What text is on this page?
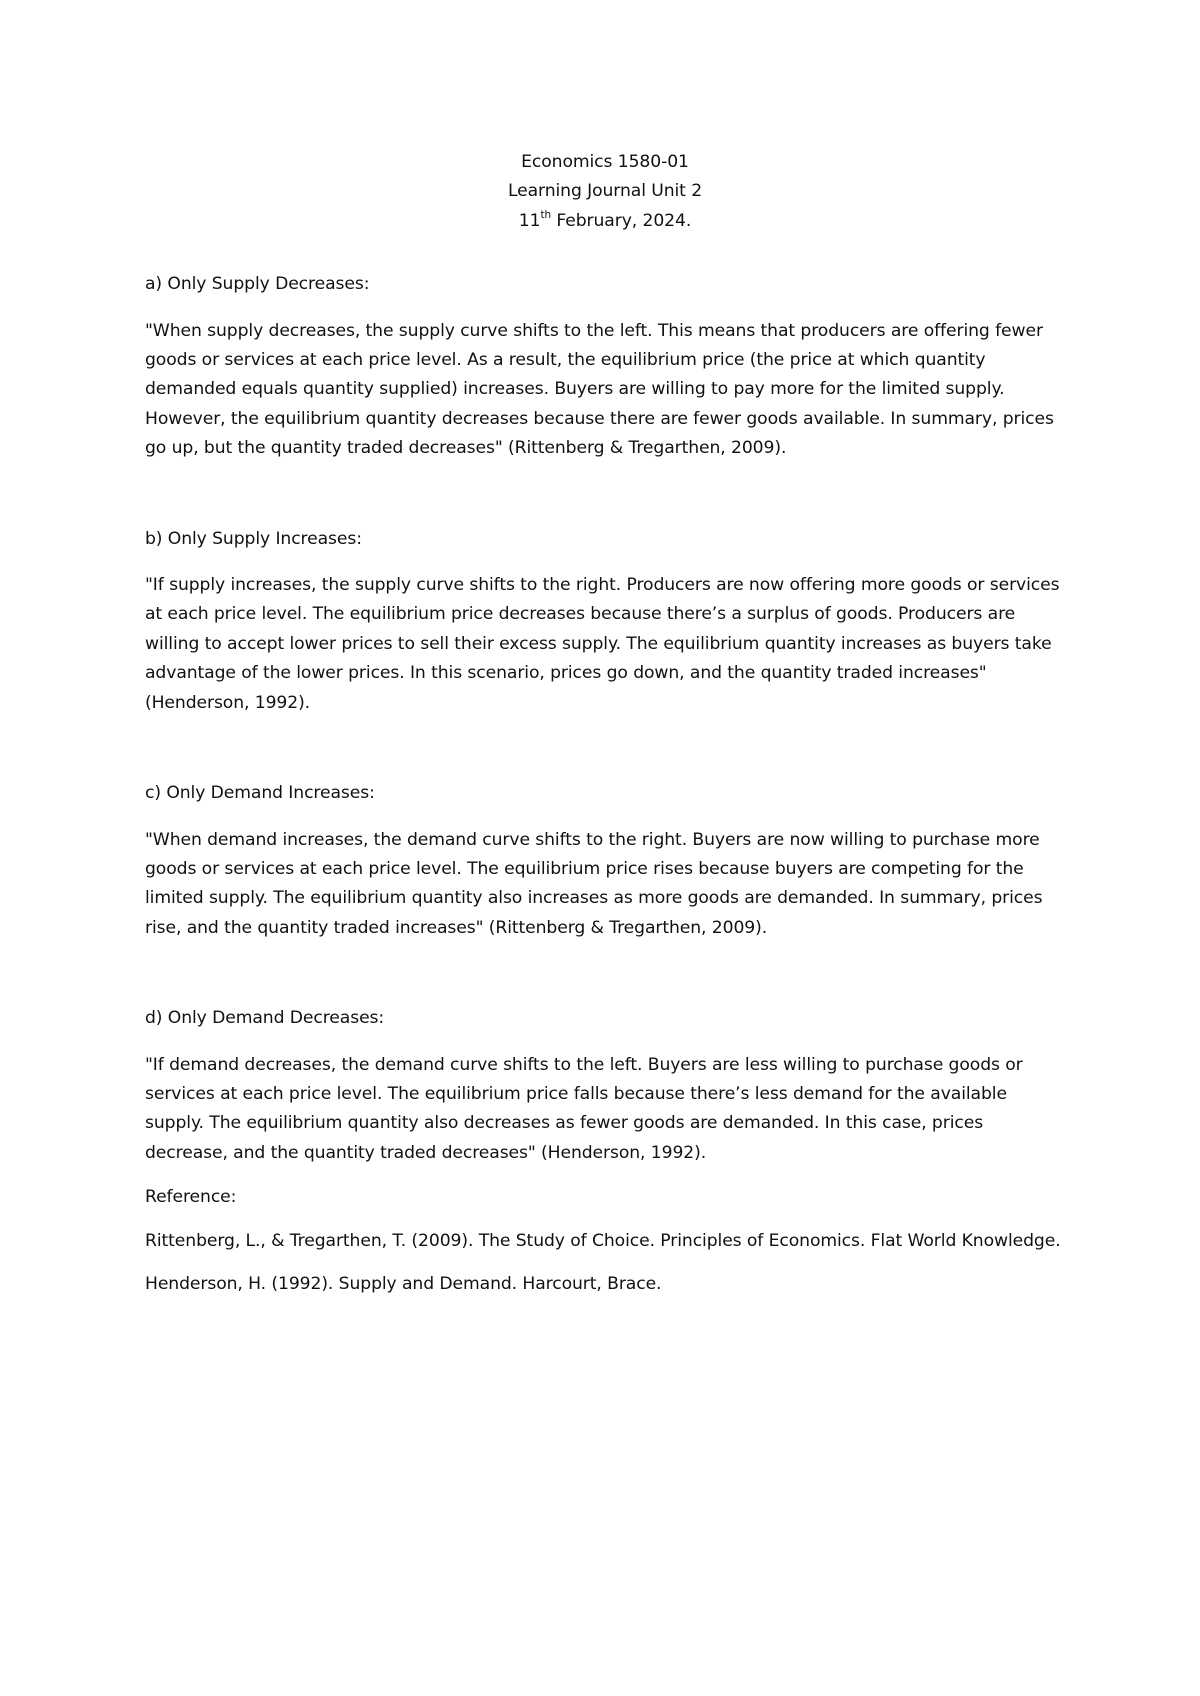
Economics 1580-01
Learning Journal Unit 2
11th February, 2024.
a) Only Supply Decreases:
"When supply decreases, the supply curve shifts to the left. This means that producers are offering fewer goods or services at each price level. As a result, the equilibrium price (the price at which quantity demanded equals quantity supplied) increases. Buyers are willing to pay more for the limited supply. However, the equilibrium quantity decreases because there are fewer goods available. In summary, prices go up, but the quantity traded decreases" (Rittenberg & Tregarthen, 2009).
b) Only Supply Increases:
"If supply increases, the supply curve shifts to the right. Producers are now offering more goods or services at each price level. The equilibrium price decreases because there’s a surplus of goods. Producers are willing to accept lower prices to sell their excess supply. The equilibrium quantity increases as buyers take advantage of the lower prices. In this scenario, prices go down, and the quantity traded increases" (Henderson, 1992).
c) Only Demand Increases:
"When demand increases, the demand curve shifts to the right. Buyers are now willing to purchase more goods or services at each price level. The equilibrium price rises because buyers are competing for the limited supply. The equilibrium quantity also increases as more goods are demanded. In summary, prices rise, and the quantity traded increases" (Rittenberg & Tregarthen, 2009).
d) Only Demand Decreases:
"If demand decreases, the demand curve shifts to the left. Buyers are less willing to purchase goods or services at each price level. The equilibrium price falls because there’s less demand for the available supply. The equilibrium quantity also decreases as fewer goods are demanded. In this case, prices decrease, and the quantity traded decreases" (Henderson, 1992).
Reference:
Rittenberg, L., & Tregarthen, T. (2009). The Study of Choice. Principles of Economics. Flat World Knowledge.
Henderson, H. (1992). Supply and Demand. Harcourt, Brace.
